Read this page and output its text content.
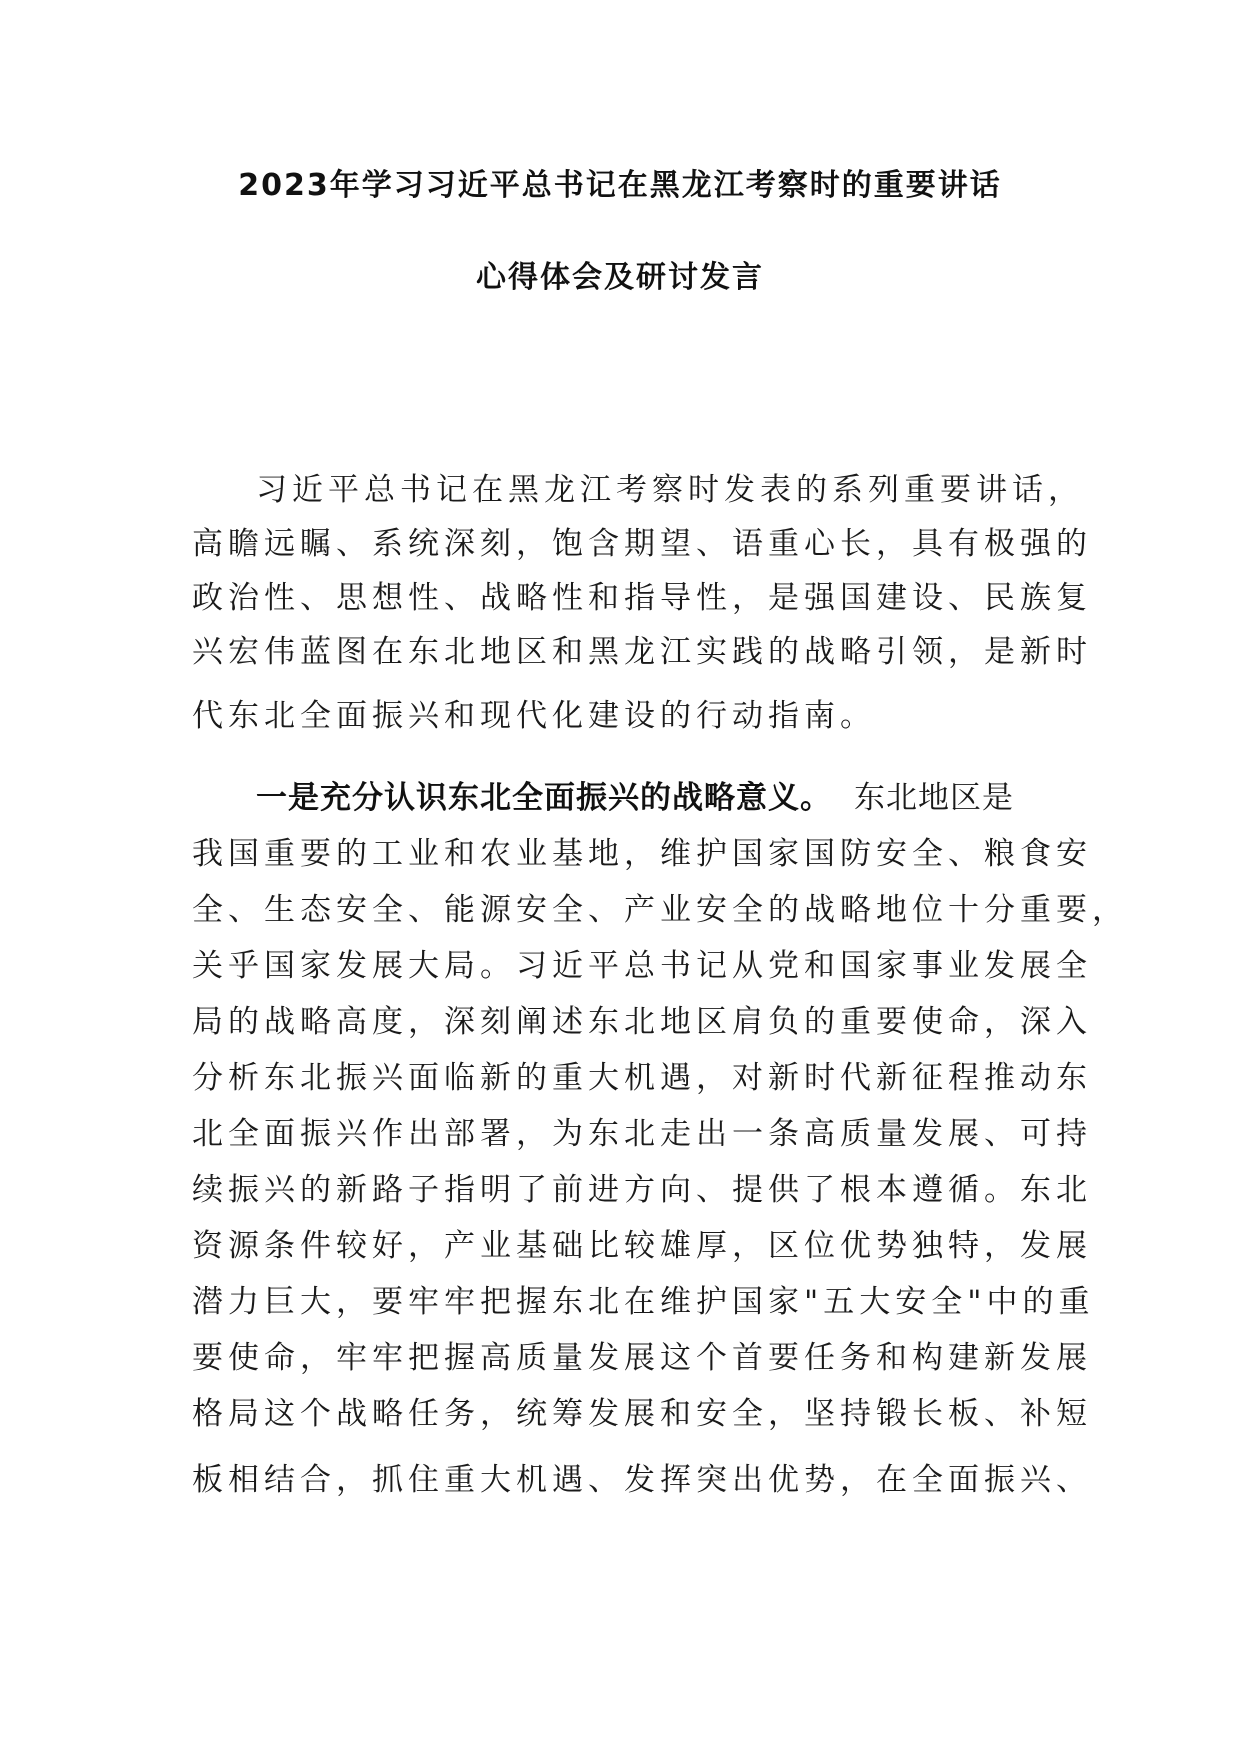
2023年学习习近平总书记在黑龙江考察时的重要讲话
心得体会及研讨发言
习近平总书记在黑龙江考察时发表的系列重要讲话，
高瞻远瞩、系统深刻，饱含期望、语重心长，具有极强的
政治性、思想性、战略性和指导性，是强国建设、民族复
兴宏伟蓝图在东北地区和黑龙江实践的战略引领，是新时
代东北全面振兴和现代化建设的行动指南。
一是充分认识东北全面振兴的战略意义。 东北地区是
我国重要的工业和农业基地，维护国家国防安全、粮食安
全、生态安全、能源安全、产业安全的战略地位十分重要，
关乎国家发展大局。习近平总书记从党和国家事业发展全
局的战略高度，深刻阐述东北地区肩负的重要使命，深入
分析东北振兴面临新的重大机遇，对新时代新征程推动东
北全面振兴作出部署，为东北走出一条高质量发展、可持
续振兴的新路子指明了前进方向、提供了根本遵循。东北
资源条件较好，产业基础比较雄厚，区位优势独特，发展
潜力巨大，要牢牢把握东北在维护国家"五大安全"中的重
要使命，牢牢把握高质量发展这个首要任务和构建新发展
格局这个战略任务，统筹发展和安全，坚持锻长板、补短
板相结合，抓住重大机遇、发挥突出优势，在全面振兴、
